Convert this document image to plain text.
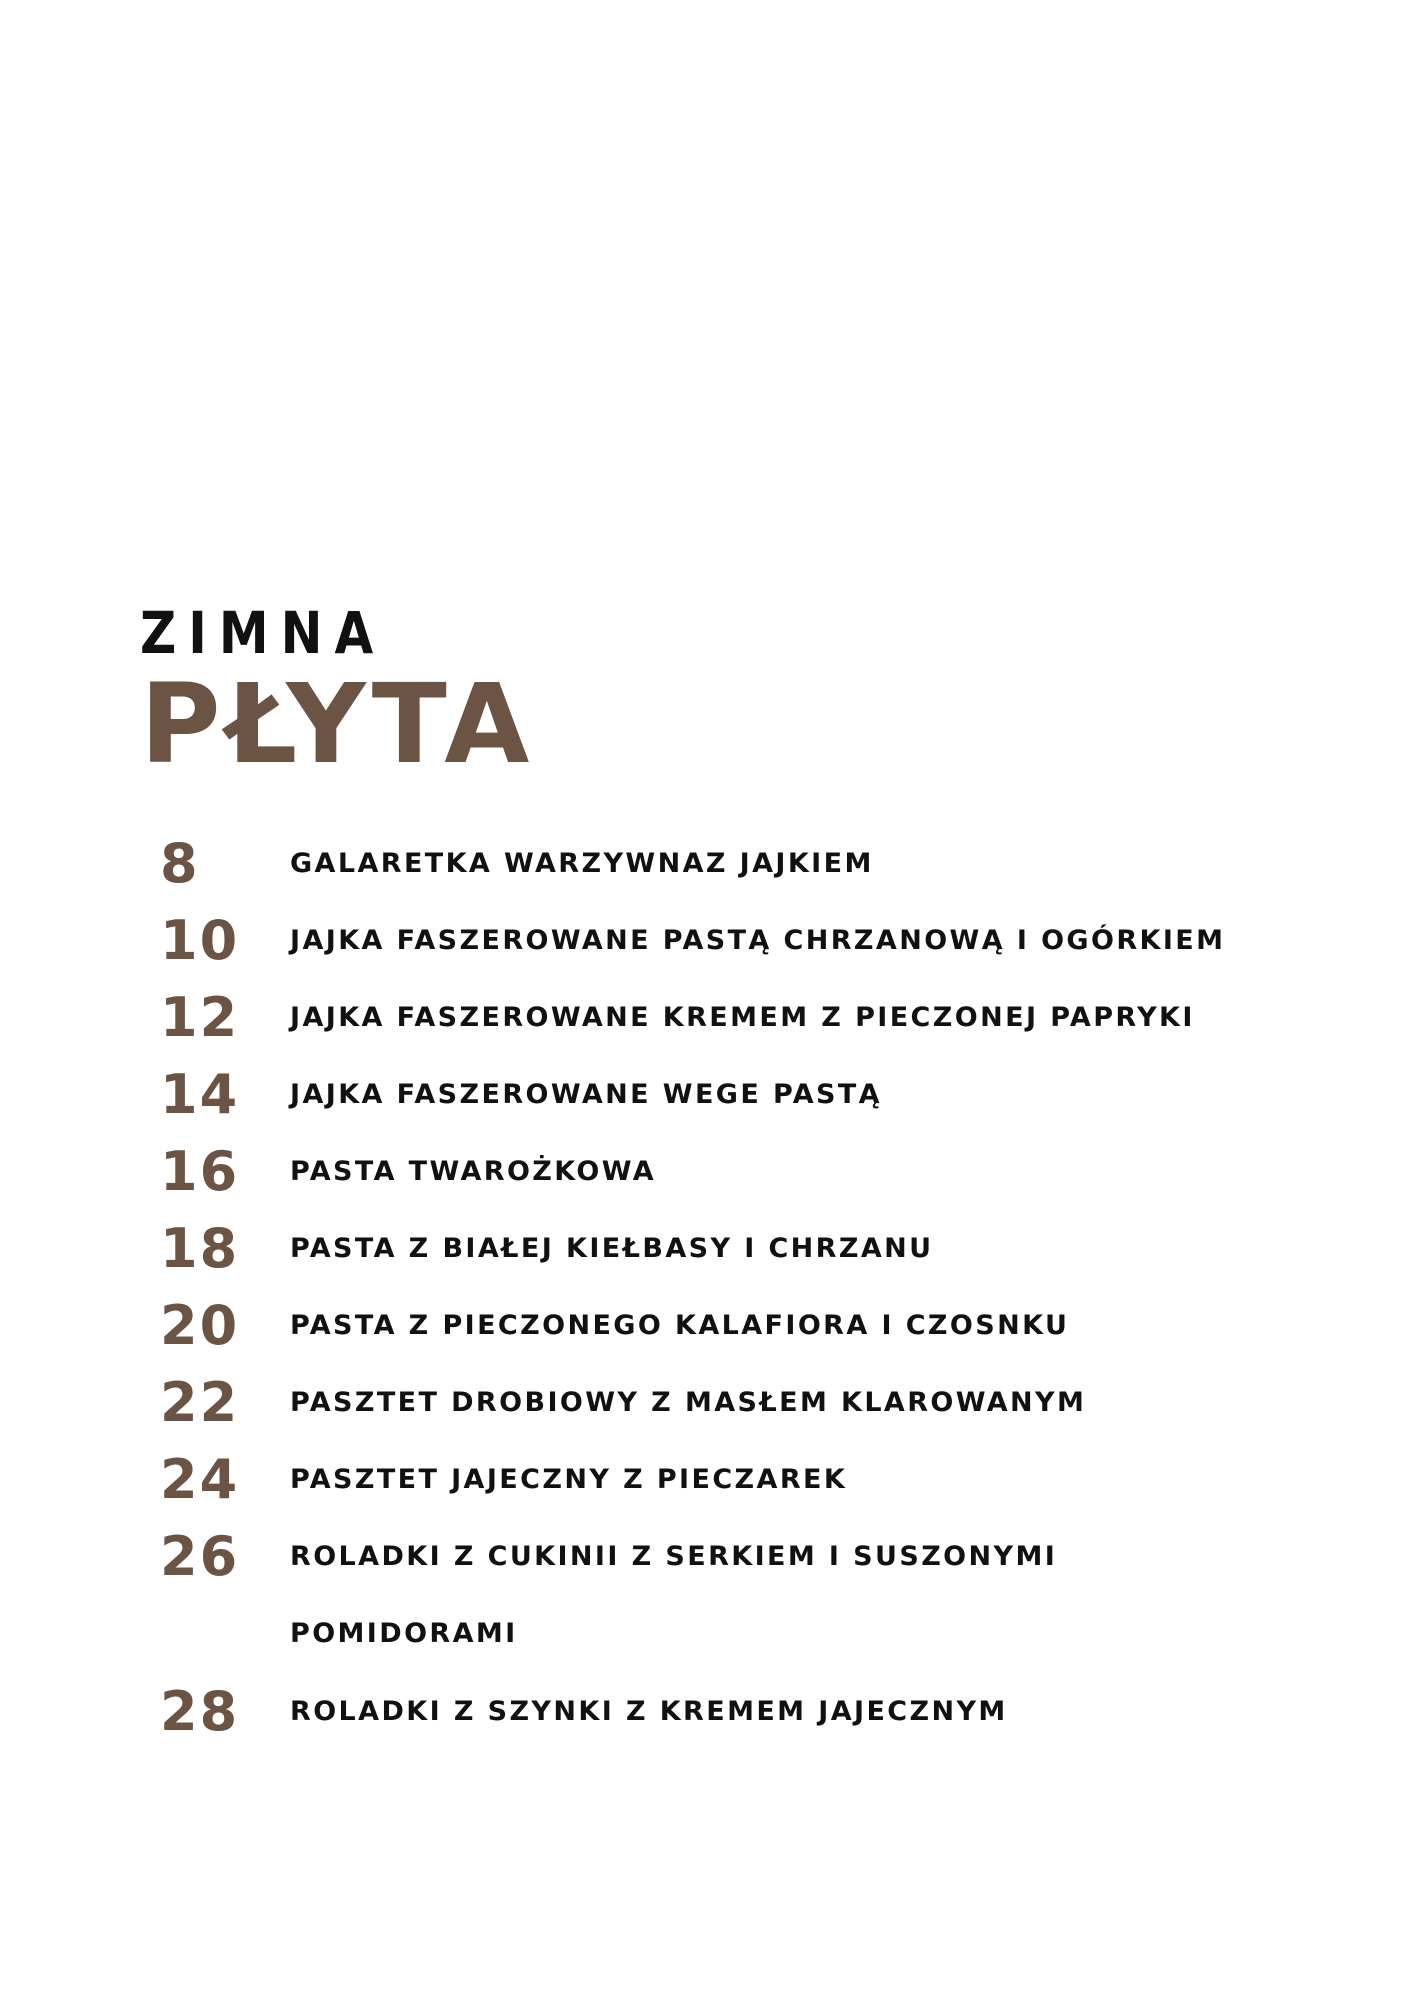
ZIMNA
PŁYTA
8	GALARETKA WARZYWNAZ JAJKIEM
10	JAJKA FASZEROWANE PASTĄ CHRZANOWĄ I OGÓRKIEM
12	JAJKA FASZEROWANE KREMEM Z PIECZONEJ PAPRYKI
14	JAJKA FASZEROWANE WEGE PASTĄ
16	PASTA TWAROŻKOWA
18	PASTA Z BIAŁEJ KIEŁBASY I CHRZANU
20	PASTA Z PIECZONEGO KALAFIORA I CZOSNKU
22	PASZTET DROBIOWY Z MASŁEM KLAROWANYM
24	PASZTET JAJECZNY Z PIECZAREK
26	ROLADKI Z CUKINII Z SERKIEM I SUSZONYMI
POMIDORAMI
28	ROLADKI Z SZYNKI Z KREMEM JAJECZNYM
